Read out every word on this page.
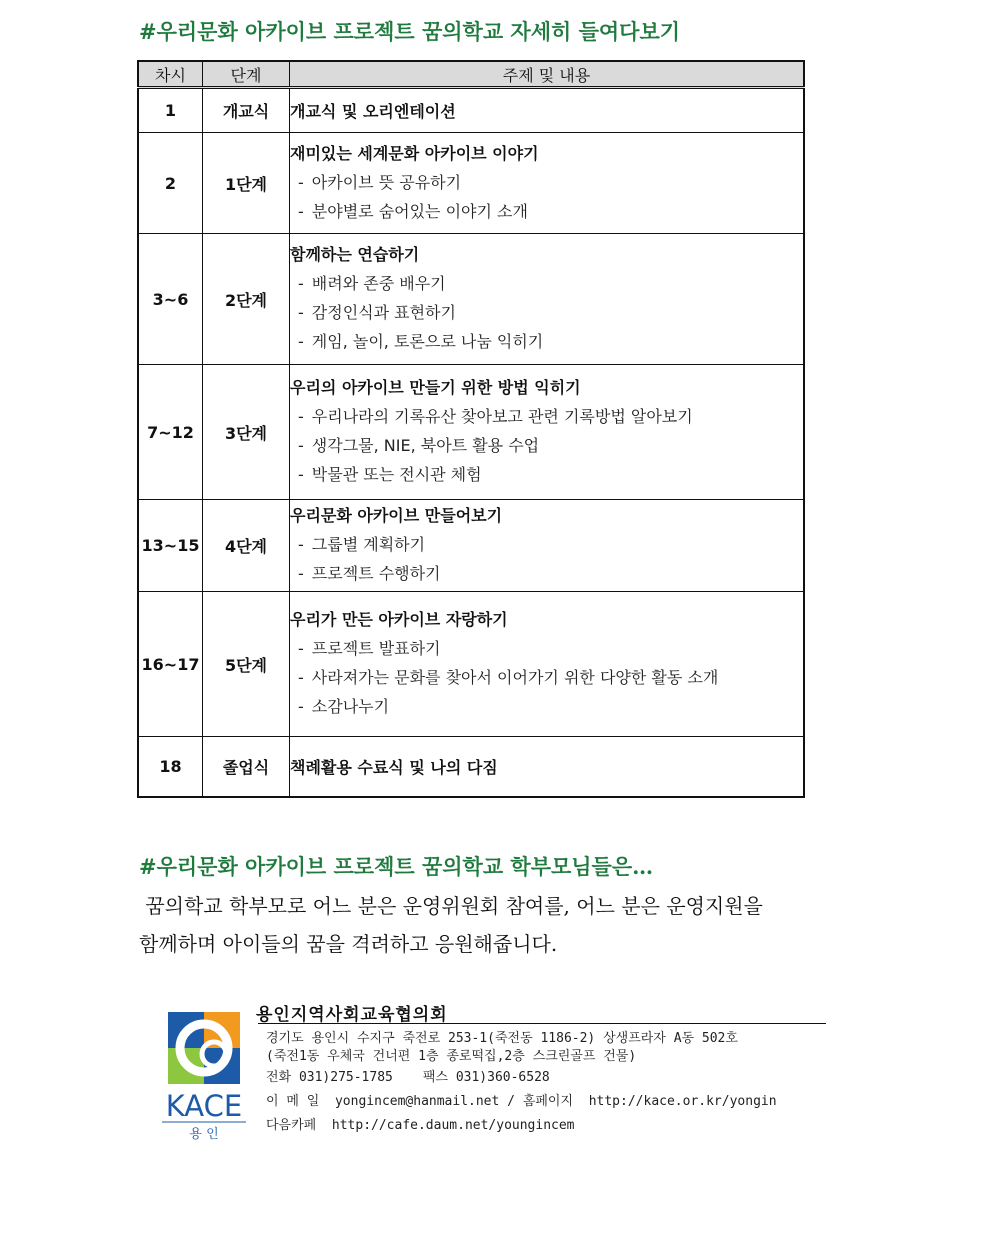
#우리문화 아카이브 프로젝트 꿈의학교 자세히 들여다보기
차시	단계	주제 및 내용
1	개교식	개교식 및 오리엔테이션

2	1단계	재미있는 세계문화 아카이브 이야기
- 아카이브 뜻 공유하기
- 분야별로 숨어있는 이야기 소개

3~6	2단계	함께하는 연습하기
- 배려와 존중 배우기
- 감정인식과 표현하기
- 게임, 놀이, 토론으로 나눔 익히기

7~12	3단계	우리의 아카이브 만들기 위한 방법 익히기
- 우리나라의 기록유산 찾아보고 관련 기록방법 알아보기
- 생각그물, NIE, 북아트 활용 수업
- 박물관 또는 전시관 체험

13~15	4단계	우리문화 아카이브 만들어보기
- 그룹별 계획하기
- 프로젝트 수행하기

16~17	5단계	우리가 만든 아카이브 자랑하기
- 프로젝트 발표하기
- 사라져가는 문화를 찾아서 이어가기 위한 다양한 활동 소개
- 소감나누기

18	졸업식	책례활용 수료식 및 나의 다짐
#우리문화 아카이브 프로젝트 꿈의학교 학부모님들은…
꿈의학교 학부모로 어느 분은 운영위원회 참여를, 어느 분은 운영지원을
함께하며 아이들의 꿈을 격려하고 응원해줍니다.
KACE
용 인
용인지역사회교육협의회
경기도 용인시 수지구 죽전로 253-1(죽전동 1186-2) 상생프라자 A동 502호
(죽전1동 우체국 건너편 1층 종로떡집,2층 스크린골프 건물)
전화 031)275-1785 팩스 031)360-6528
이 메 일  yongincem@hanmail.net / 홈페이지  http://kace.or.kr/yongin
다음카페  http://cafe.daum.net/youngincem
